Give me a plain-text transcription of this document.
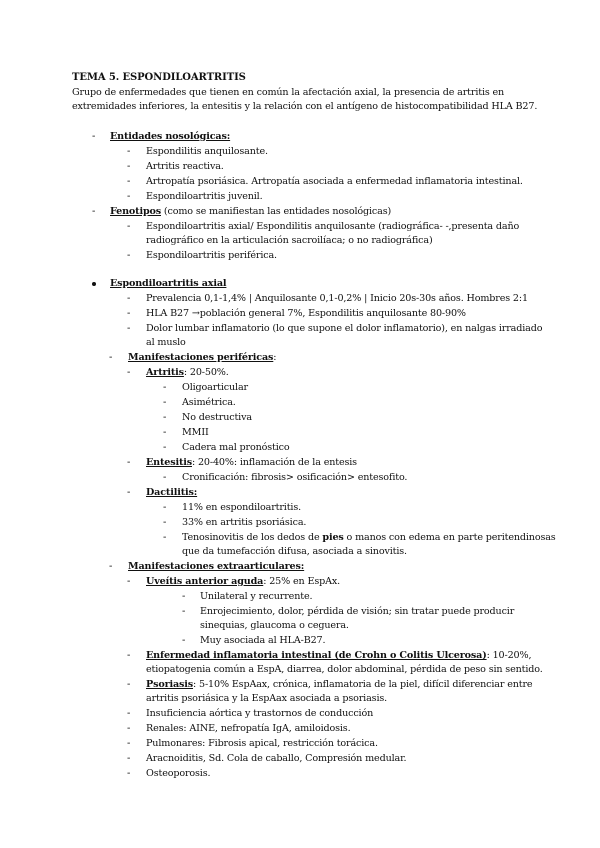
TEMA 5. ESPONDILOARTRITIS
Grupo de enfermedades que tienen en común la afectación axial, la presencia de artritis en
extremidades inferiores, la entesitis y la relación con el antígeno de histocompatibilidad HLA B27.
- Entidades nosológicas:
- Espondilitis anquilosante.
- Artritis reactiva.
- Artropatía psoriásica. Artropatía asociada a enfermedad inflamatoria intestinal.
- Espondiloartritis juvenil.
- Fenotipos (como se manifiestan las entidades nosológicas)
- Espondiloartritis axial/ Espondilitis anquilosante (radiográfica- -,presenta daño
radiográfico en la articulación sacroilíaca; o no radiográfica)
- Espondiloartritis periférica.
Espondiloartritis axial
- Prevalencia 0,1-1,4% | Anquilosante 0,1-0,2% | Inicio 20s-30s años. Hombres 2:1
- HLA B27 →población general 7%, Espondilitis anquilosante 80-90%
- Dolor lumbar inflamatorio (lo que supone el dolor inflamatorio), en nalgas irradiado
al muslo
- Manifestaciones periféricas:
- Artritis: 20-50%.
- Oligoarticular
- Asimétrica.
- No destructiva
- MMII
- Cadera mal pronóstico
- Entesitis: 20-40%: inflamación de la entesis
- Cronificación: fibrosis> osificación> entesofito.
- Dactilitis:
- 11% en espondiloartritis.
- 33% en artritis psoriásica.
- Tenosinovitis de los dedos de pies o manos con edema en parte peritendinosas
que da tumefacción difusa, asociada a sinovitis.
- Manifestaciones extraarticulares:
- Uveítis anterior aguda: 25% en EspAx.
- Unilateral y recurrente.
- Enrojecimiento, dolor, pérdida de visión; sin tratar puede producir
sinequias, glaucoma o ceguera.
- Muy asociada al HLA-B27.
- Enfermedad inflamatoria intestinal (de Crohn o Colitis Ulcerosa): 10-20%,
etiopatogenia común a EspA, diarrea, dolor abdominal, pérdida de peso sin sentido.
- Psoriasis: 5-10% EspAax, crónica, inflamatoria de la piel, difícil diferenciar entre
artritis psoriásica y la EspAax asociada a psoriasis.
- Insuficiencia aórtica y trastornos de conducción
- Renales: AINE, nefropatía IgA, amiloidosis.
- Pulmonares: Fibrosis apical, restricción torácica.
- Aracnoiditis, Sd. Cola de caballo, Compresión medular.
- Osteoporosis.
